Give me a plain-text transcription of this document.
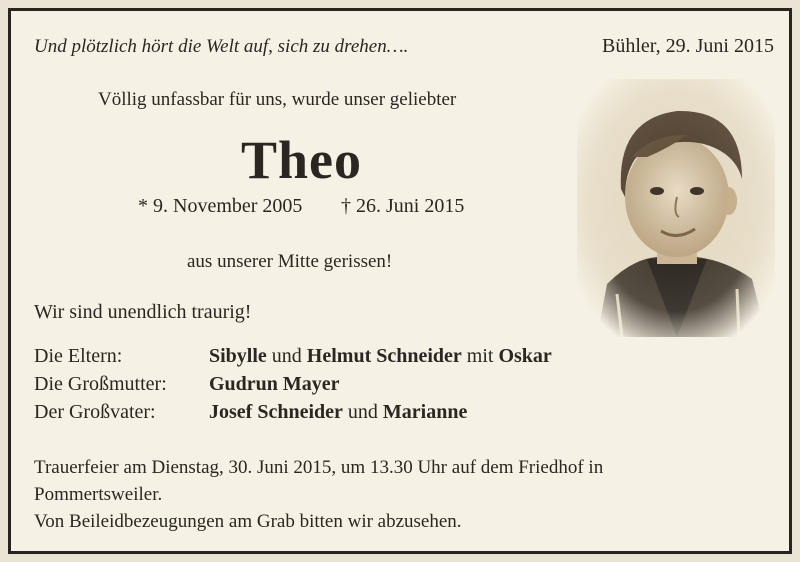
Und plötzlich hört die Welt auf, sich zu drehen….	Bühler, 29. Juni 2015
Völlig unfassbar für uns, wurde unser geliebter
Theo
* 9. November 2005 † 26. Juni 2015
aus unserer Mitte gerissen!
Wir sind unendlich traurig!
Die Eltern:	Sibylle und Helmut Schneider mit Oskar
Die Großmutter: Gudrun Mayer
Der Großvater:	Josef Schneider und Marianne
Trauerfeier am Dienstag, 30. Juni 2015, um 13.30 Uhr auf dem Friedhof in
Pommertsweiler.
Von Beileidbezeugungen am Grab bitten wir abzusehen.
